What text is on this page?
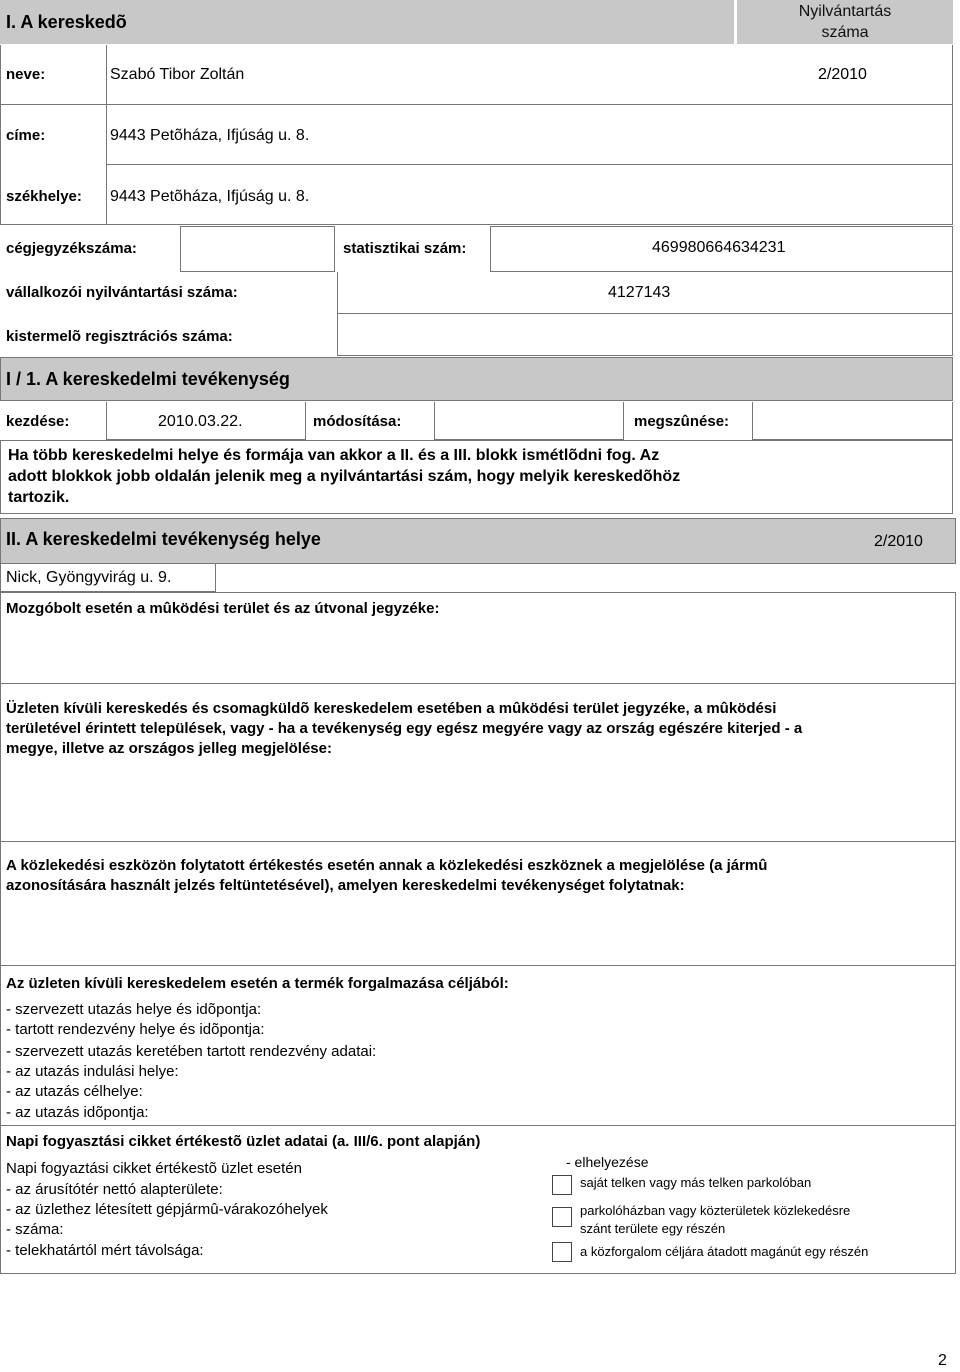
I. A kereskedõ
Nyilvántartás
száma
neve:	Szabó Tibor Zoltán	2/2010
címe:	9443 Petõháza, Ifjúság u. 8.
székhelye: 9443 Petõháza, Ifjúság u. 8.
cégjegyzékszáma:	statisztikai szám:	469980664634231
vállalkozói nyilvántartási száma:	4127143
kistermelõ regisztrációs száma:
I / 1. A kereskedelmi tevékenység
kezdése:	2010.03.22.	módosítása:	megszûnése:
Ha több kereskedelmi helye és formája van akkor a II. és a III. blokk ismétlõdni fog. Az
adott blokkok jobb oldalán jelenik meg a nyilvántartási szám, hogy melyik kereskedõhöz
tartozik.
II. A kereskedelmi tevékenység helye	2/2010
Nick, Gyöngyvirág u. 9.
Mozgóbolt esetén a mûködési terület és az útvonal jegyzéke:
Üzleten kívüli kereskedés és csomagküldõ kereskedelem esetében a mûködési terület jegyzéke, a mûködési
területével érintett települések, vagy - ha a tevékenység egy egész megyére vagy az ország egészére kiterjed - a
megye, illetve az országos jelleg megjelölése:
A közlekedési eszközön folytatott értékestés esetén annak a közlekedési eszköznek a megjelölése (a jármû
azonosítására használt jelzés feltüntetésével), amelyen kereskedelmi tevékenységet folytatnak:
Az üzleten kívüli kereskedelem esetén a termék forgalmazása céljából:
- szervezett utazás helye és idõpontja:
- tartott rendezvény helye és idõpontja:
- szervezett utazás keretében tartott rendezvény adatai:
- az utazás indulási helye:
- az utazás célhelye:
- az utazás idõpontja:
Napi fogyasztási cikket értékestõ üzlet adatai (a. III/6. pont alapján)
Napi fogyaztási cikket értékestõ üzlet esetén
- az árusítótér nettó alapterülete:
- az üzlethez létesített gépjármû-várakozóhelyek
- száma:
- telekhatártól mért távolsága:
- elhelyezése
saját telken vagy más telken parkolóban
parkolóházban vagy közterületek közlekedésre
szánt területe egy részén
a közforgalom céljára átadott magánút egy részén
2
